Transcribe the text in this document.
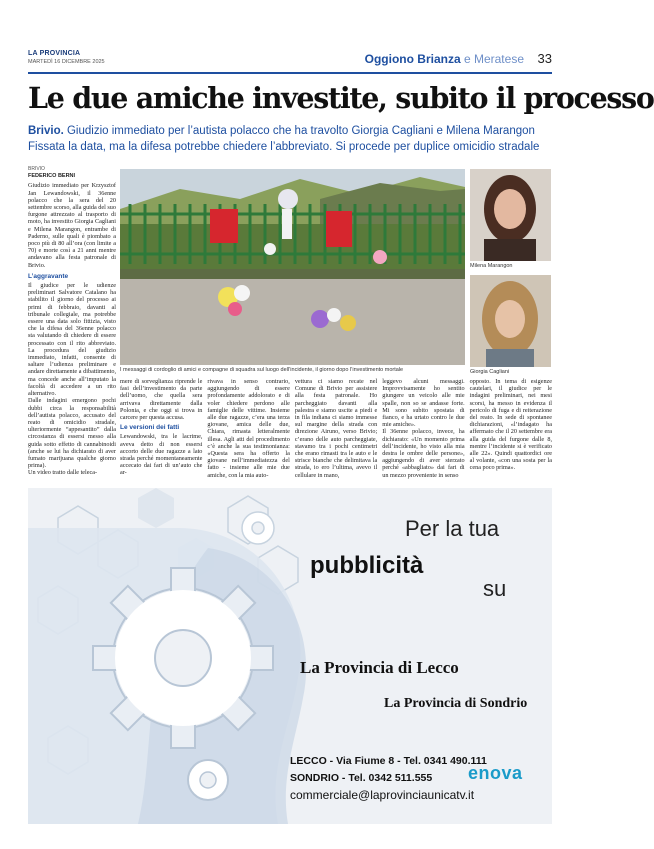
LA PROVINCIA
MARTEDÌ 16 DICEMBRE 2025	Oggiono Brianza e Meratese 33
Le due amiche investite, subito il processo
Brivio. Giudizio immediato per l’autista polacco che ha travolto Giorgia Cagliani e Milena Marangon
Fissata la data, ma la difesa potrebbe chiedere l’abbreviato. Si procede per duplice omicidio stradale
BRIVIO
FEDERICO BERNI

Giudizio immediato per Krzysztof Jan Lewandowski, il 36enne polacco che la sera del 20 settembre scorso, alla guida del suo furgone attrezzato al trasporto di moto, ha investito Giorgia Cagliani e Milena Marangon, entrambe di Paderno, sulle quali è piombato a poco più di 80 all’ora (con limite a 70) e morte così a 21 anni mentre andavano alla festa patronale di Brivio.

L’aggravante

Il giudice per le udienze preliminari Salvatore Catalano ha stabilito il giorno del processo ai primi di febbraio, davanti al tribunale collegiale, ma potrebbe essere una data solo fittizia, visto che la difesa del 36enne polacco sta valutando di chiedere di essere processato con il rito abbreviato. La procedura del giudizio immediato, infatti, consente di saltare l’udienza preliminare e andare direttamente a dibattimento, ma concede anche all’imputato la facoltà di accedere a un rito alternativo.

Dalle indagini emergono pochi dubbi circa la responsabilità dell’autista polacco, accusato del reato di omicidio stradale, ulteriormente “appesantito” dalla circostanza di essersi messo alla guida sotto effetto di cannabinoidi (anche se lui ha dichiarato di aver fumato marijuana qualche giorno prima).

Un video tratto dalle teleca-

I messaggi di cordoglio di amici e compagne di squadra sul luogo dell’incidente, il giorno dopo l’investimento mortale
Milena Marangon
Giorgia Cagliani

mere di sorveglianza riprende le fasi dell’investimento da parte dell’uomo, che quella sera arrivava direttamente dalla Polonia, e che oggi si trova in carcere per questa accusa.

Le versioni dei fatti

Lewandowski, tra le lacrime, aveva detto di non essersi accorto delle due ragazze a lato strada perché momentaneamente accecato dai fari di un’auto che ar-

rivava in senso contrario, aggiungendo di essere profondamente addolorato e di voler chiedere perdono alle famiglie delle vittime. Insieme alle due ragazze, c’era una terza giovane, amica delle due, Chiara, rimasta letteralmente illesa. Agli atti del procedimento c’è anche la sua testimonianza: «Questa sera ha offerto la giovane nell’immediatezza del fatto - insieme alle mie due amiche, con la mia auto-

vettura ci siamo recate nel Comune di Brivio per assistere alla festa patronale. Ho parcheggiato davanti alla palestra e siamo uscite a piedi e in fila indiana ci siamo immesse sul margine della strada con direzione Airuno, verso Brivio; c’erano delle auto parcheggiate, stavamo tra i pochi centimetri che erano rimasti tra le auto e le strisce bianche che delimitava la strada, io ero l’ultima, avevo il cellulare in mano,

leggevo alcuni messaggi. Improvvisamente ho sentito giungere un veicolo alle mie spalle, non so se andasse forte. Mi sono subito spostata di fianco, e ha urtato contro le due mie amiche».

Il 36enne polacco, invece, ha dichiarato: «Un momento prima dell’incidente, ho visto alla mia destra le ombre delle persone», aggiungendo di aver sterzato perché «abbagliato» dai fari di un mezzo proveniente in senso

opposto. In tema di esigenze cautelari, il giudice per le indagini preliminari, nei mesi scorsi, ha messo in evidenza il pericolo di fuga e di reiterazione del reato. In sede di spontanee dichiarazioni, «l’indagato ha affermato che il 20 settembre era alla guida del furgone dalle 8, mentre l’incidente si è verificato alle 22». Quindi quattordici ore al volante, «con una sosta per la cena poco prima».

Per la tua
pubblicità
su
La Provincia di Lecco
La Provincia di Sondrio
LECCO - Via Fiume 8 - Tel. 0341 490.111
SONDRIO - Tel. 0342 511.555
commerciale@laprovinciaunicatv.it
enova
